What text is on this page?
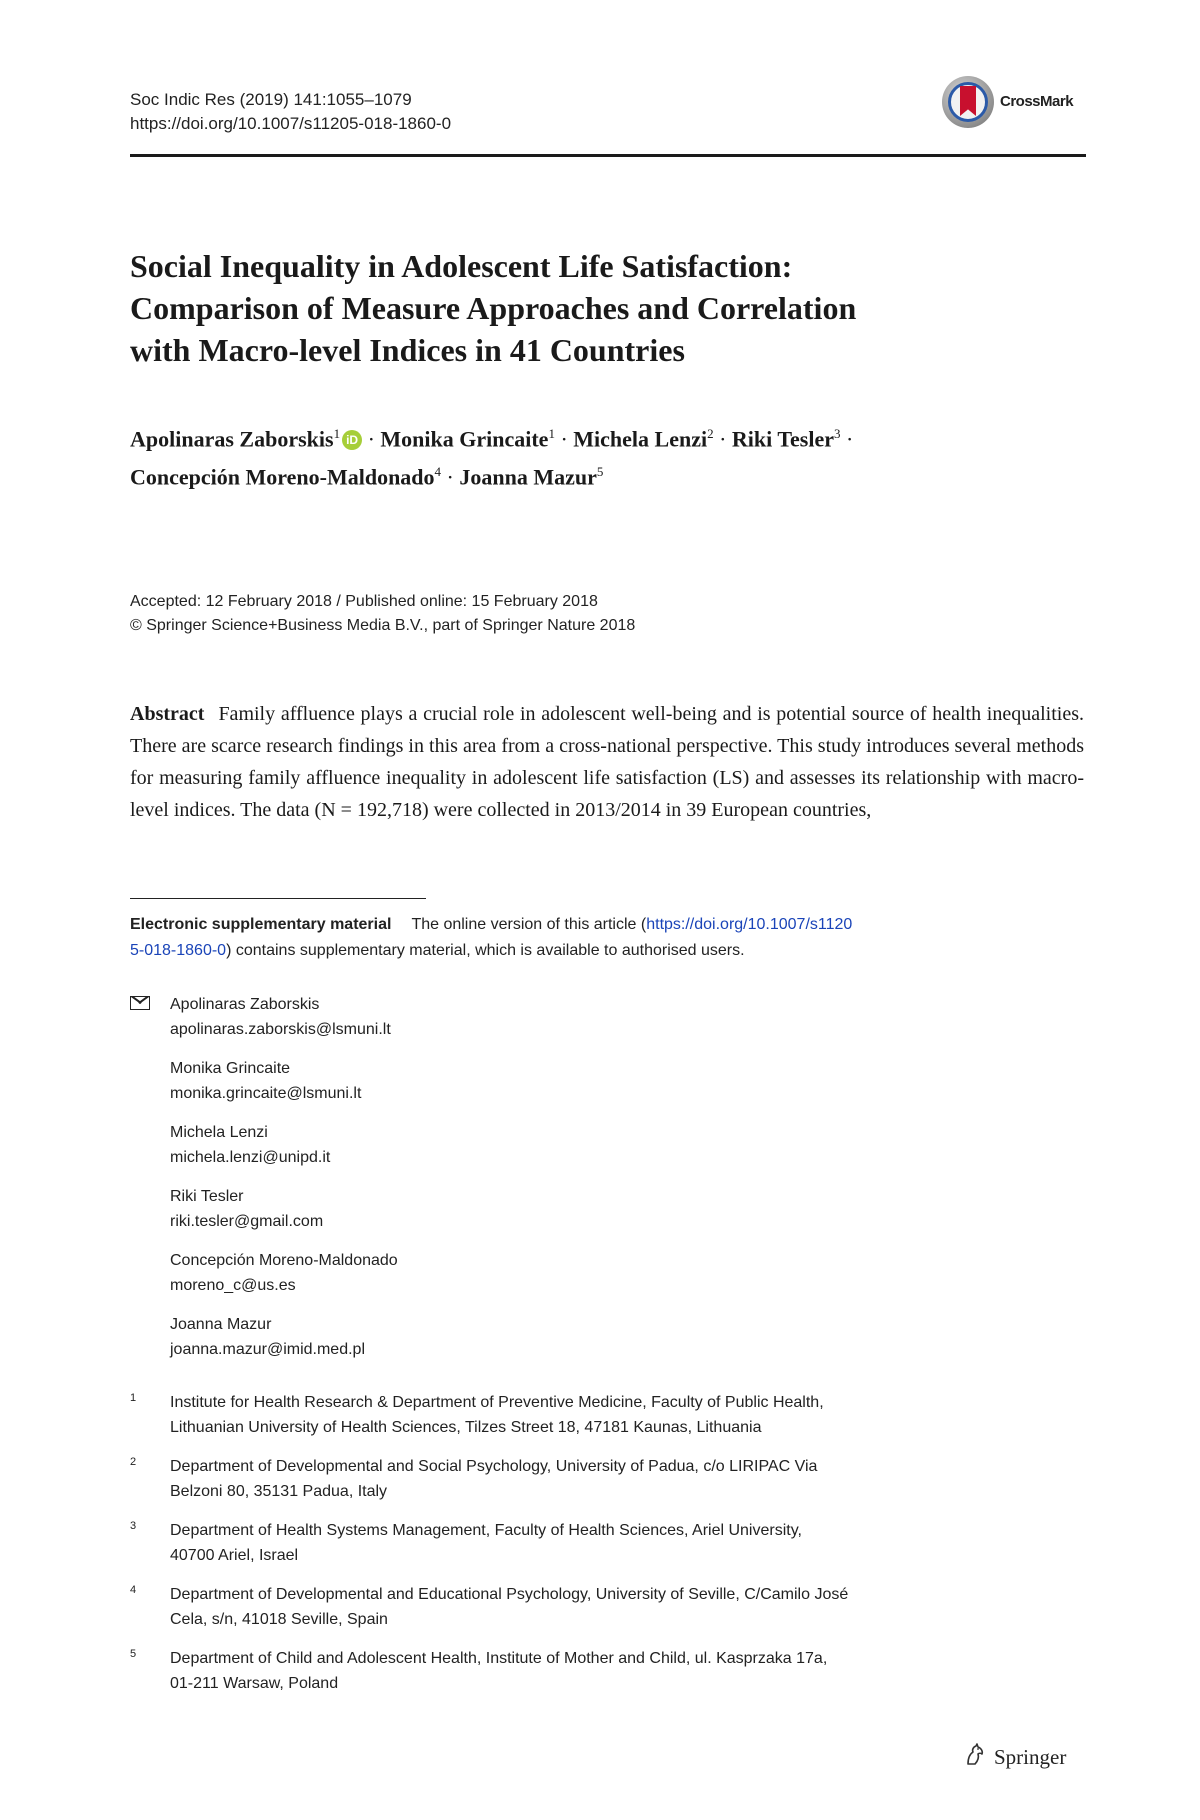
Soc Indic Res (2019) 141:1055–1079
https://doi.org/10.1007/s11205-018-1860-0
CrossMark
Social Inequality in Adolescent Life Satisfaction:
Comparison of Measure Approaches and Correlation
with Macro-level Indices in 41 Countries
Apolinaras Zaborskis$^1$ iD · Monika Grincaite$^1$ · Michela Lenzi$^2$ · Riki Tesler$^3$ ·
Concepción Moreno-Maldonado$^4$ · Joanna Mazur$^5$
Accepted: 12 February 2018 / Published online: 15 February 2018
© Springer Science+Business Media B.V., part of Springer Nature 2018
Abstract Family affluence plays a crucial role in adolescent well-being and is potential source of health inequalities. There are scarce research findings in this area from a cross-national perspective. This study introduces several methods for measuring family affluence inequality in adolescent life satisfaction (LS) and assesses its relationship with macro-level indices. The data (N = 192,718) were collected in 2013/2014 in 39 European countries,
Electronic supplementary material The online version of this article (https://doi.org/10.1007/s1120
5-018-1860-0) contains supplementary material, which is available to authorised users.
Apolinaras Zaborskis
apolinaras.zaborskis@lsmuni.lt
Monika Grincaite
monika.grincaite@lsmuni.lt
Michela Lenzi
michela.lenzi@unipd.it
Riki Tesler
riki.tesler@gmail.com
Concepción Moreno-Maldonado
moreno_c@us.es
Joanna Mazur
joanna.mazur@imid.med.pl
1 Institute for Health Research & Department of Preventive Medicine, Faculty of Public Health,
Lithuanian University of Health Sciences, Tilzes Street 18, 47181 Kaunas, Lithuania
2 Department of Developmental and Social Psychology, University of Padua, c/o LIRIPAC Via
Belzoni 80, 35131 Padua, Italy
3 Department of Health Systems Management, Faculty of Health Sciences, Ariel University,
40700 Ariel, Israel
4 Department of Developmental and Educational Psychology, University of Seville, C/Camilo José
Cela, s/n, 41018 Seville, Spain
5 Department of Child and Adolescent Health, Institute of Mother and Child, ul. Kasprzaka 17a,
01-211 Warsaw, Poland
Springer
